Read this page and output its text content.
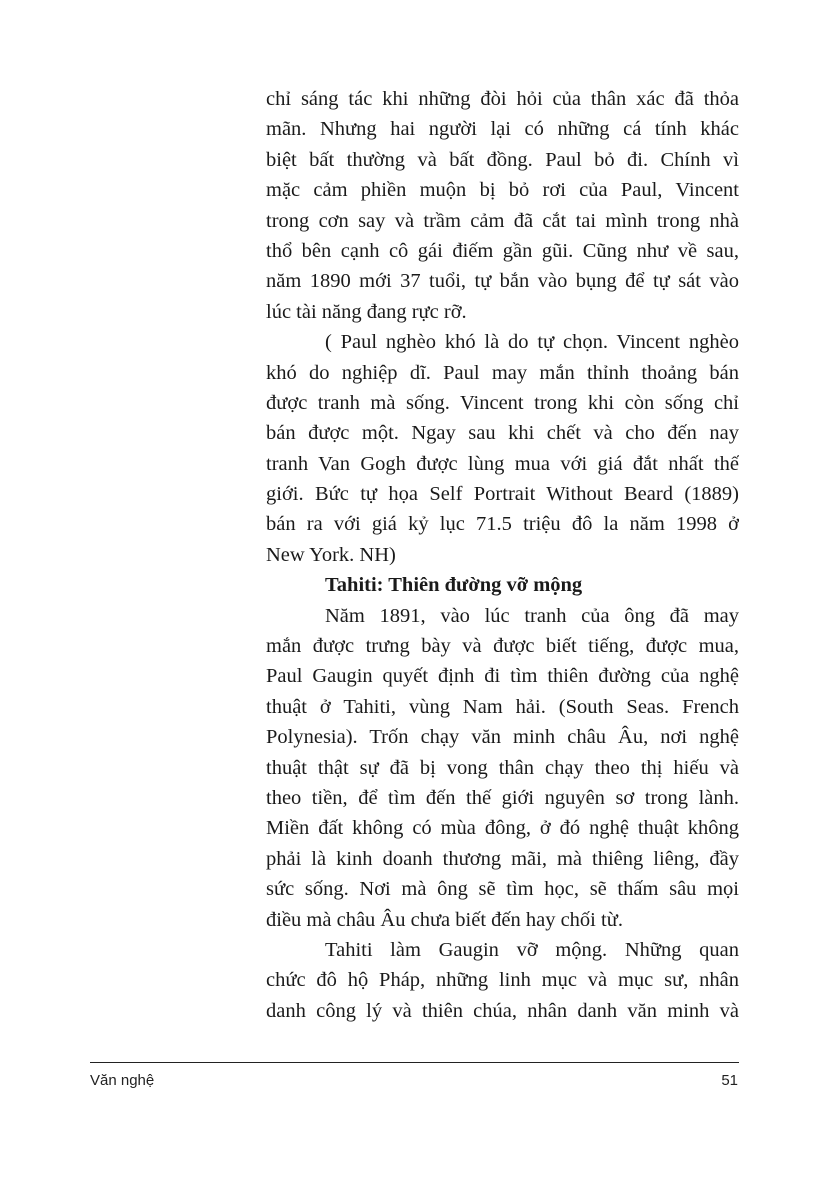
chỉ sáng tác khi những đòi hỏi của thân xác đã thỏa
mãn. Nhưng hai người lại có những cá tính khác
biệt bất thường và bất đồng. Paul bỏ đi. Chính vì
mặc cảm phiền muộn bị bỏ rơi của Paul, Vincent
trong cơn say và trầm cảm đã cắt tai mình trong nhà
thổ bên cạnh cô gái điếm gần gũi. Cũng như về sau,
năm 1890 mới 37 tuổi, tự bắn vào bụng để tự sát vào
lúc tài năng đang rực rỡ.
( Paul nghèo khó là do tự chọn. Vincent nghèo
khó do nghiệp dĩ. Paul may mắn thỉnh thoảng bán
được tranh mà sống. Vincent trong khi còn sống chỉ
bán được một. Ngay sau khi chết và cho đến nay
tranh Van Gogh được lùng mua với giá đắt nhất thế
giới. Bức tự họa Self Portrait Without Beard (1889)
bán ra với giá kỷ lục 71.5 triệu đô la năm 1998 ở
New York. NH)
Tahiti: Thiên đường vỡ mộng
Năm 1891, vào lúc tranh của ông đã may
mắn được trưng bày và được biết tiếng, được mua,
Paul Gaugin quyết định đi tìm thiên đường của nghệ
thuật ở Tahiti, vùng Nam hải. (South Seas. French
Polynesia). Trốn chạy văn minh châu Âu, nơi nghệ
thuật thật sự đã bị vong thân chạy theo thị hiếu và
theo tiền, để tìm đến thế giới nguyên sơ trong lành.
Miền đất không có mùa đông, ở đó nghệ thuật không
phải là kinh doanh thương mãi, mà thiêng liêng, đầy
sức sống. Nơi mà ông sẽ tìm học, sẽ thấm sâu mọi
điều mà châu Âu chưa biết đến hay chối từ.
Tahiti làm Gaugin vỡ mộng. Những quan
chức đô hộ Pháp, những linh mục và mục sư, nhân
danh công lý và thiên chúa, nhân danh văn minh và
Văn nghệ	51
